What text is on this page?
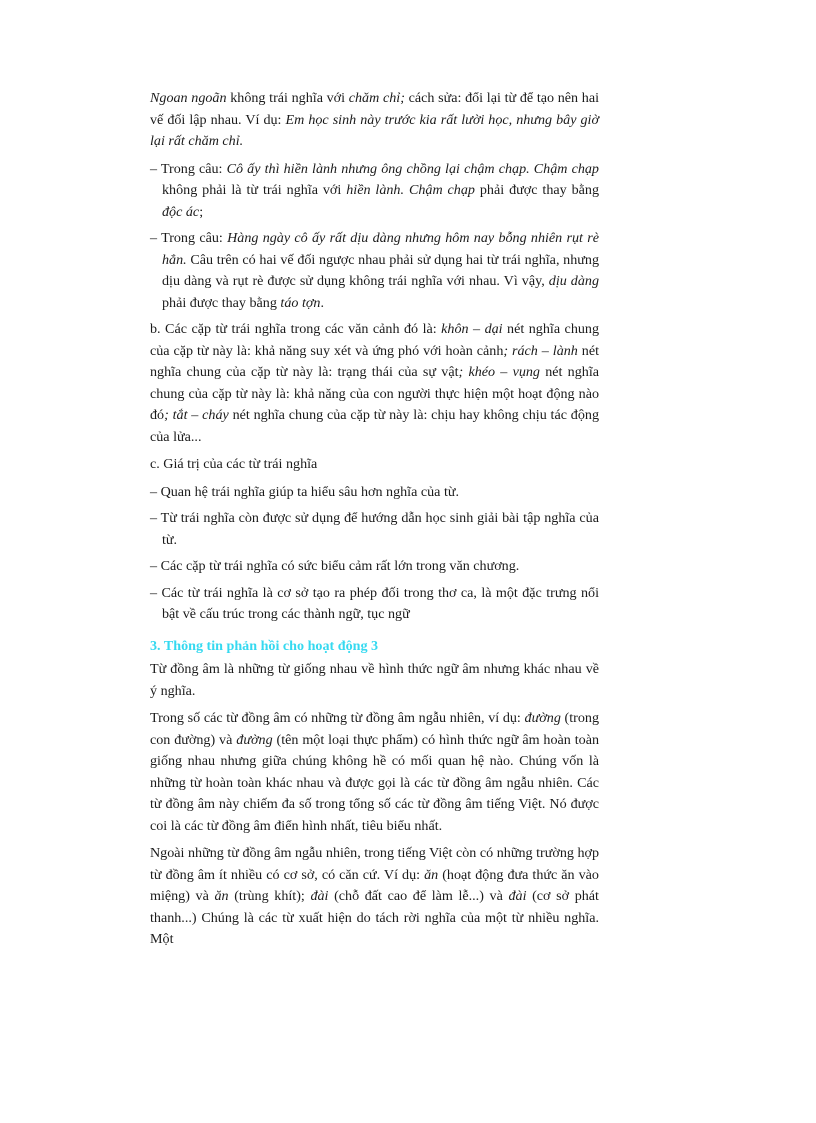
Ngoan ngoãn không trái nghĩa với chăm chỉ; cách sửa: đổi lại từ để tạo nên hai vế đối lập nhau. Ví dụ: Em học sinh này trước kia rất lười học, nhưng bây giờ lại rất chăm chỉ.

– Trong câu: Cô ấy thì hiền lành nhưng ông chồng lại chậm chạp. Chậm chạp không phải là từ trái nghĩa với hiền lành. Chậm chạp phải được thay bằng độc ác;

– Trong câu: Hàng ngày cô ấy rất dịu dàng nhưng hôm nay bỗng nhiên rụt rè hẳn. Câu trên có hai vế đối ngược nhau phải sử dụng hai từ trái nghĩa, nhưng dịu dàng và rụt rè được sử dụng không trái nghĩa với nhau. Vì vậy, dịu dàng phải được thay bằng táo tợn.

b. Các cặp từ trái nghĩa trong các văn cảnh đó là: khôn – dại nét nghĩa chung của cặp từ này là: khả năng suy xét và ứng phó với hoàn cảnh; rách – lành nét nghĩa chung của cặp từ này là: trạng thái của sự vật; khéo – vụng nét nghĩa chung của cặp từ này là: khả năng của con người thực hiện một hoạt động nào đó; tắt – cháy nét nghĩa chung của cặp từ này là: chịu hay không chịu tác động của lửa...

c. Giá trị của các từ trái nghĩa

– Quan hệ trái nghĩa giúp ta hiểu sâu hơn nghĩa của từ.

– Từ trái nghĩa còn được sử dụng để hướng dẫn học sinh giải bài tập nghĩa của từ.

– Các cặp từ trái nghĩa có sức biểu cảm rất lớn trong văn chương.

– Các từ trái nghĩa là cơ sở tạo ra phép đối trong thơ ca, là một đặc trưng nổi bật về cấu trúc trong các thành ngữ, tục ngữ

3. Thông tin phản hồi cho hoạt động 3

Từ đồng âm là những từ giống nhau về hình thức ngữ âm nhưng khác nhau về ý nghĩa.

Trong số các từ đồng âm có những từ đồng âm ngẫu nhiên, ví dụ: đường (trong con đường) và đường (tên một loại thực phẩm) có hình thức ngữ âm hoàn toàn giống nhau nhưng giữa chúng không hề có mối quan hệ nào. Chúng vốn là những từ hoàn toàn khác nhau và được gọi là các từ đồng âm ngẫu nhiên. Các từ đồng âm này chiếm đa số trong tổng số các từ đồng âm tiếng Việt. Nó được coi là các từ đồng âm điển hình nhất, tiêu biểu nhất.

Ngoài những từ đồng âm ngẫu nhiên, trong tiếng Việt còn có những trường hợp từ đồng âm ít nhiều có cơ sở, có căn cứ. Ví dụ: ăn (hoạt động đưa thức ăn vào miệng) và ăn (trùng khít); đài (chỗ đất cao để làm lễ...) và đài (cơ sở phát thanh...) Chúng là các từ xuất hiện do tách rời nghĩa của một từ nhiều nghĩa. Một
